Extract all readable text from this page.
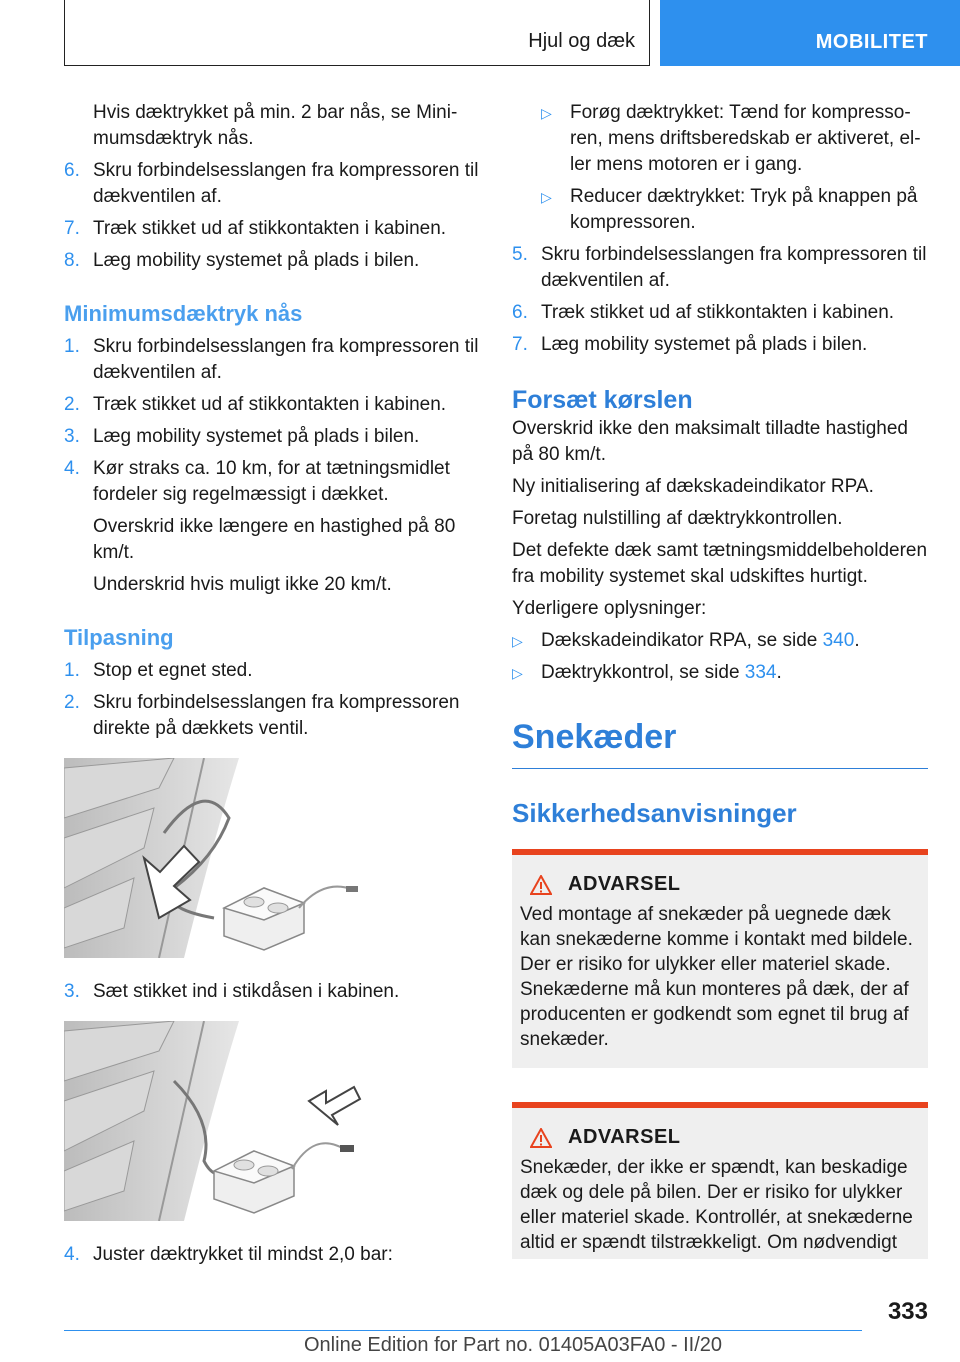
Hjul og dæk	MOBILITET

Hvis dæktrykket på min. 2 bar nås, se Minimumsdæktryk nås.

6. Skru forbindelsesslangen fra kompressoren til dækventilen af.
7. Træk stikket ud af stikkontakten i kabinen.
8. Læg mobility systemet på plads i bilen.
Minimumsdæktryk nås
1. Skru forbindelsesslangen fra kompressoren til dækventilen af.
2. Træk stikket ud af stikkontakten i kabinen.
3. Læg mobility systemet på plads i bilen.
4. Kør straks ca. 10 km, for at tætningsmidlet fordeler sig regelmæssigt i dækket.

Overskrid ikke længere en hastighed på 80 km/t.

Underskrid hvis muligt ikke 20 km/t.

Tilpasning
1. Stop et egnet sted.
2. Skru forbindelsesslangen fra kompressoren direkte på dækkets ventil.
3. Sæt stikket ind i stikdåsen i kabinen.
4. Juster dæktrykket til mindst 2,0 bar:
▷ Forøg dæktrykket: Tænd for kompressoren, mens driftsberedskab er aktiveret, eller mens motoren er i gang.
▷ Reducer dæktrykket: Tryk på knappen på kompressoren.
5. Skru forbindelsesslangen fra kompressoren til dækventilen af.
6. Træk stikket ud af stikkontakten i kabinen.
7. Læg mobility systemet på plads i bilen.
Forsæt kørslen

Overskrid ikke den maksimalt tilladte hastighed på 80 km/t.

Ny initialisering af dækskadeindikator RPA.

Foretag nulstilling af dæktrykkontrollen.

Det defekte dæk samt tætningsmiddelbeholderen fra mobility systemet skal udskiftes hurtigt.

Yderligere oplysninger:

▷ Dækskadeindikator RPA, se side 340.
▷ Dæktrykkontrol, se side 334.
Snekæder
Sikkerhedsanvisninger
ADVARSEL

Ved montage af snekæder på uegnede dæk kan snekæderne komme i kontakt med bildele. Der er risiko for ulykker eller materiel skade. Snekæderne må kun monteres på dæk, der af producenten er godkendt som egnet til brug af snekæder.

ADVARSEL

Snekæder, der ikke er spændt, kan beskadige dæk og dele på bilen. Der er risiko for ulykker eller materiel skade. Kontrollér, at snekæderne altid er spændt tilstrækkeligt. Om nødvendigt

333
Online Edition for Part no. 01405A03FA0 - II/20
